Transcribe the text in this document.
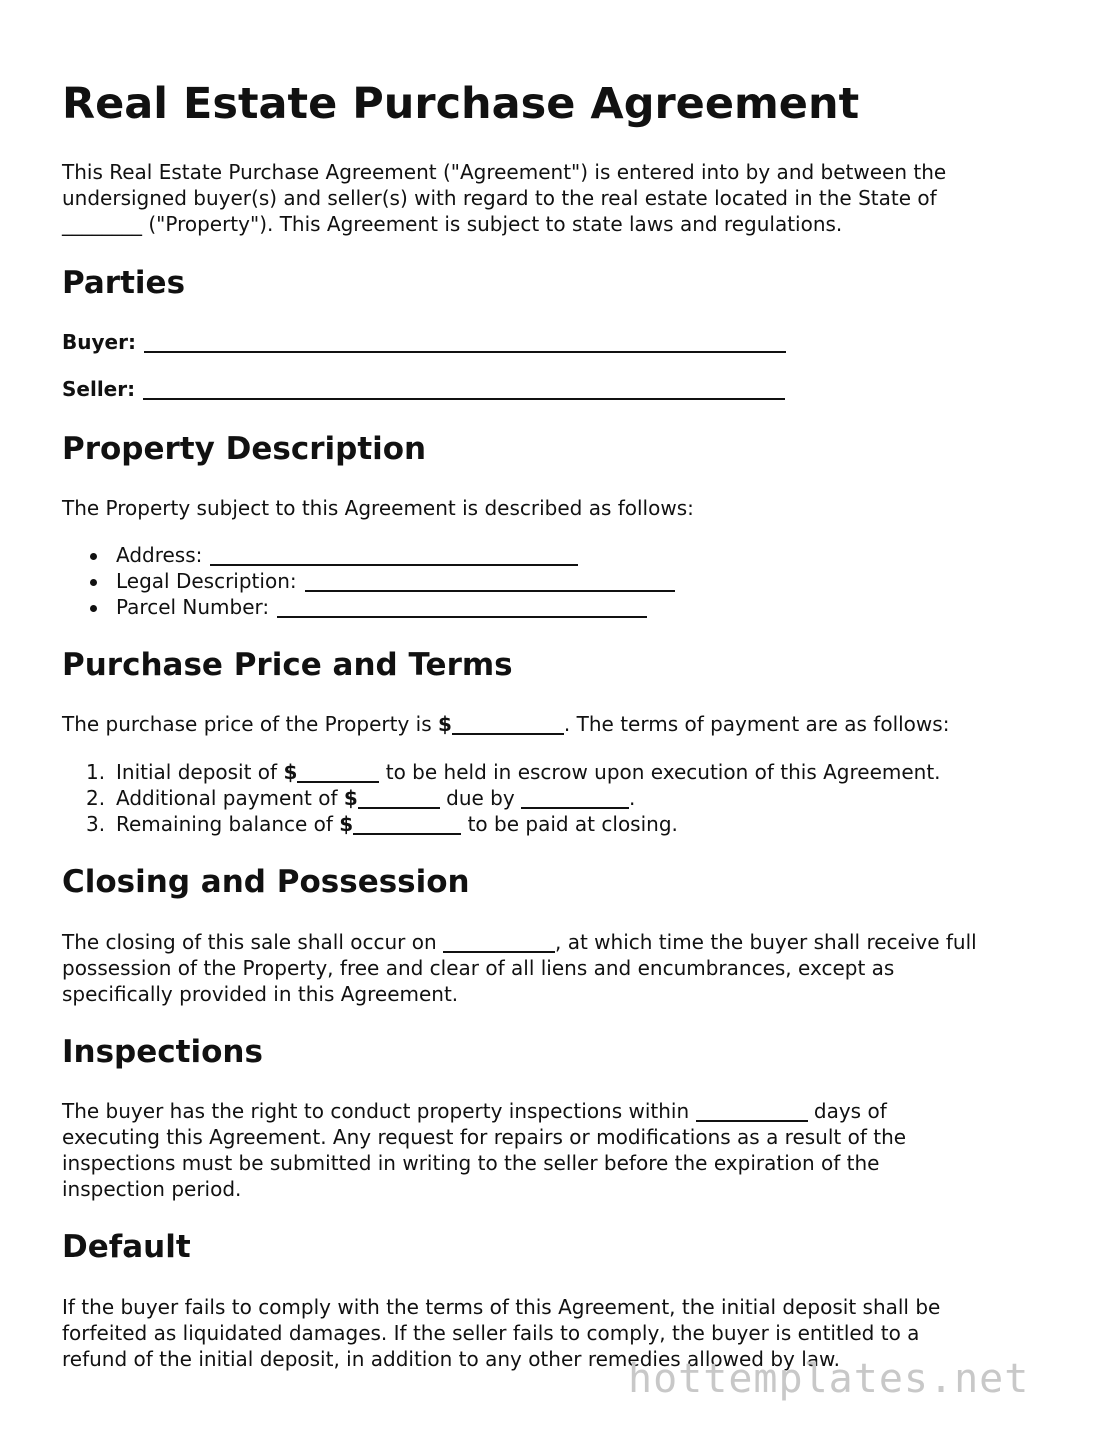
Real Estate Purchase Agreement

This Real Estate Purchase Agreement ("Agreement") is entered into by and between the
undersigned buyer(s) and seller(s) with regard to the real estate located in the State of
________ ("Property"). This Agreement is subject to state laws and regulations.

Parties
Buyer:
Seller:
Property Description

The Property subject to this Agreement is described as follows:

Address:
Legal Description:
Parcel Number:
Purchase Price and Terms

The purchase price of the Property is $	. The terms of payment are as follows:

1. Initial deposit of $	to be held in escrow upon execution of this Agreement.
2. Additional payment of $	due by	.
3. Remaining balance of $	to be paid at closing.
Closing and Possession

The closing of this sale shall occur on	, at which time the buyer shall receive full
possession of the Property, free and clear of all liens and encumbrances, except as
specifically provided in this Agreement.

Inspections

The buyer has the right to conduct property inspections within	days of
executing this Agreement. Any request for repairs or modifications as a result of the
inspections must be submitted in writing to the seller before the expiration of the
inspection period.

Default

If the buyer fails to comply with the terms of this Agreement, the initial deposit shall be
forfeited as liquidated damages. If the seller fails to comply, the buyer is entitled to a
refund of the initial deposit, in addition to any other remedies allowed by law.

hottemplates.net
